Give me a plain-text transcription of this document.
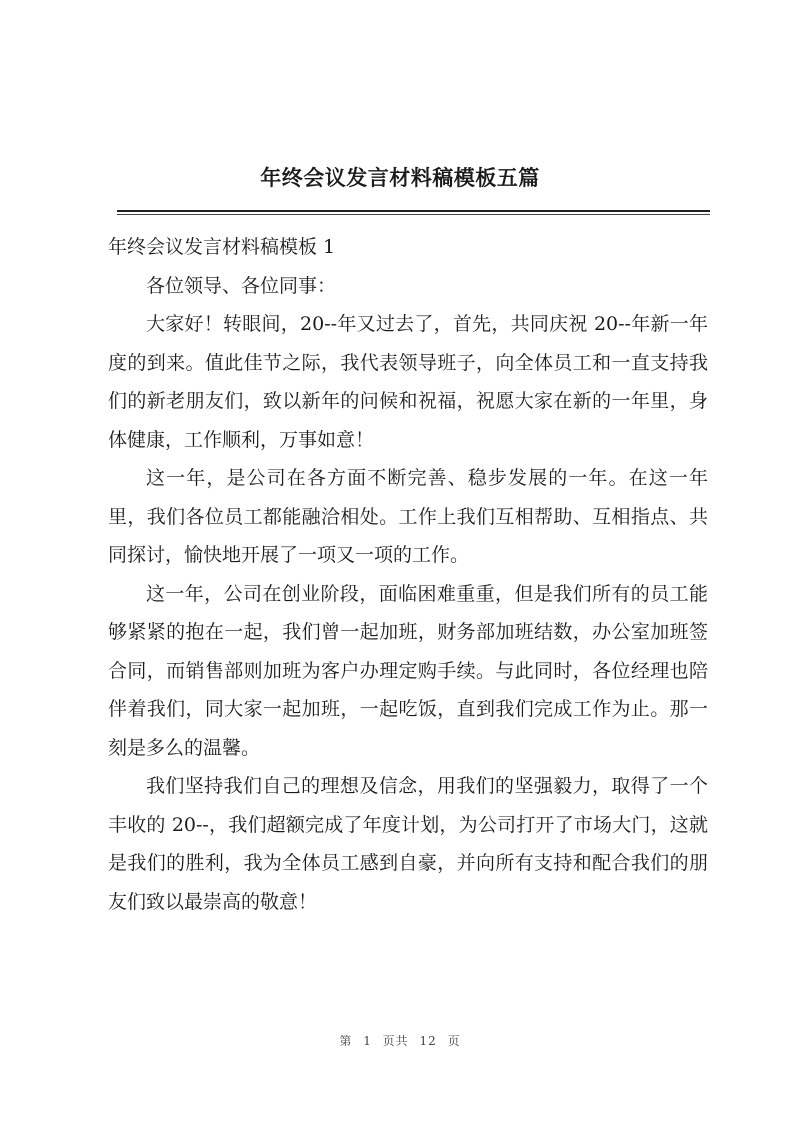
年终会议发言材料稿模板五篇

年终会议发言材料稿模板 1

各位领导、各位同事：

大家好！转眼间，20--年又过去了，首先，共同庆祝 20--年新一年度的到来。值此佳节之际，我代表领导班子，向全体员工和一直支持我们的新老朋友们，致以新年的问候和祝福，祝愿大家在新的一年里，身体健康，工作顺利，万事如意！

这一年，是公司在各方面不断完善、稳步发展的一年。在这一年里，我们各位员工都能融洽相处。工作上我们互相帮助、互相指点、共同探讨，愉快地开展了一项又一项的工作。

这一年，公司在创业阶段，面临困难重重，但是我们所有的员工能够紧紧的抱在一起，我们曾一起加班，财务部加班结数，办公室加班签合同，而销售部则加班为客户办理定购手续。与此同时，各位经理也陪伴着我们，同大家一起加班，一起吃饭，直到我们完成工作为止。那一刻是多么的温馨。

我们坚持我们自己的理想及信念，用我们的坚强毅力，取得了一个丰收的 20--，我们超额完成了年度计划，为公司打开了市场大门，这就是我们的胜利，我为全体员工感到自豪，并向所有支持和配合我们的朋友们致以最崇高的敬意！

第 1 页共 12 页
